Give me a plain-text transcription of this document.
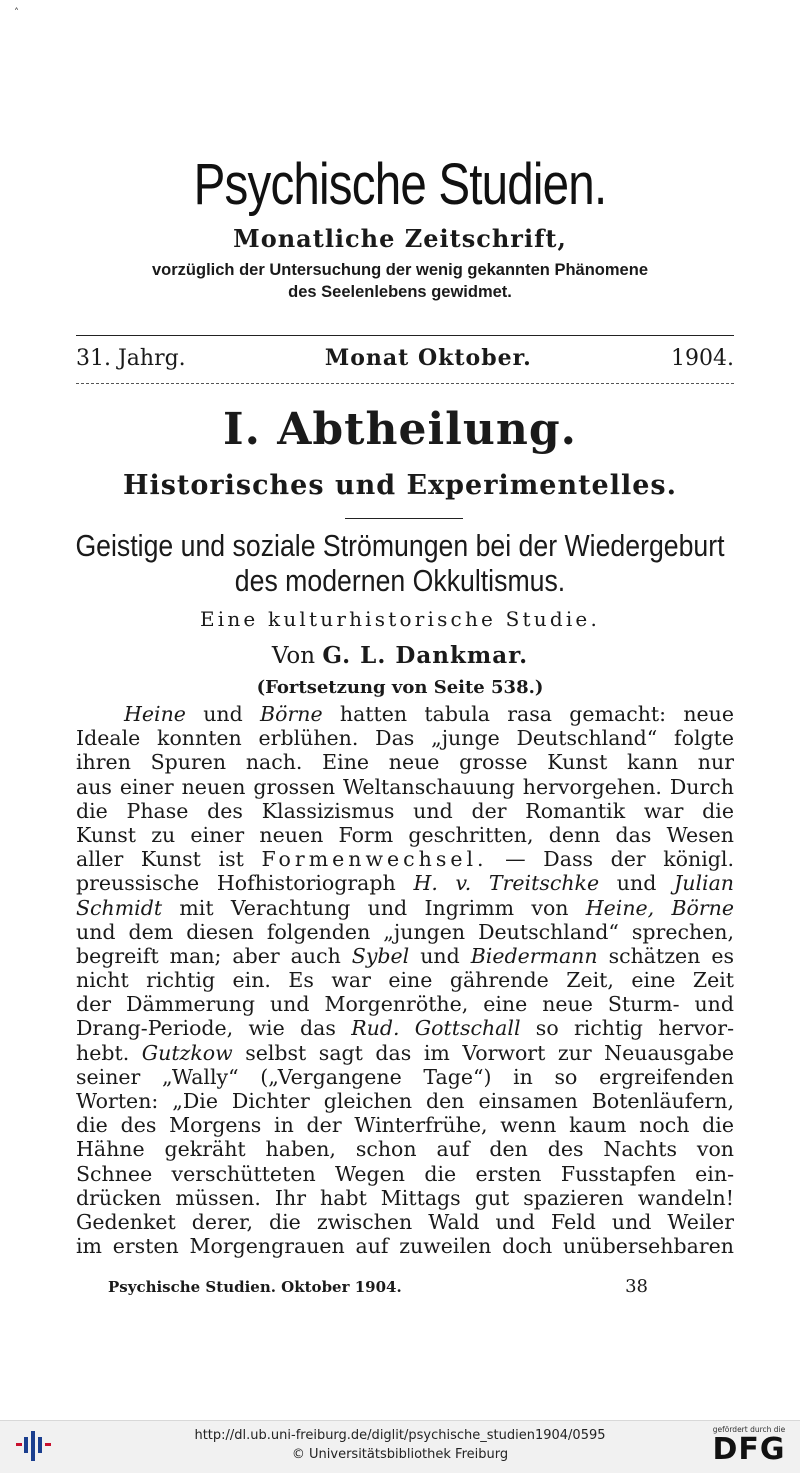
˄
Psychische Studien.
Monatliche Zeitschrift,
vorzüglich der Untersuchung der wenig gekannten Phänomene
des Seelenlebens gewidmet.
31. Jahrg.	Monat Oktober.	1904.
I. Abtheilung.
Historisches und Experimentelles.
Geistige und soziale Strömungen bei der Wiedergeburt
des modernen Okkultismus.
Eine kulturhistorische Studie.
Von G. L. Dankmar.
(Fortsetzung von Seite 538.)
Heine und Börne hatten tabula rasa gemacht: neue
Ideale konnten erblühen. Das „junge Deutschland“ folgte
ihren Spuren nach. Eine neue grosse Kunst kann nur
aus einer neuen grossen Weltanschauung hervorgehen. Durch
die Phase des Klassizismus und der Romantik war die
Kunst zu einer neuen Form geschritten, denn das Wesen
aller Kunst ist Formenwechsel. — Dass der königl.
preussische Hofhistoriograph H. v. Treitschke und Julian
Schmidt mit Verachtung und Ingrimm von Heine, Börne
und dem diesen folgenden „jungen Deutschland“ sprechen,
begreift man; aber auch Sybel und Biedermann schätzen es
nicht richtig ein. Es war eine gährende Zeit, eine Zeit
der Dämmerung und Morgenröthe, eine neue Sturm- und
Drang-Periode, wie das Rud. Gottschall so richtig hervor-
hebt. Gutzkow selbst sagt das im Vorwort zur Neuausgabe
seiner „Wally“ („Vergangene Tage“) in so ergreifenden
Worten: „Die Dichter gleichen den einsamen Botenläufern,
die des Morgens in der Winterfrühe, wenn kaum noch die
Hähne gekräht haben, schon auf den des Nachts von
Schnee verschütteten Wegen die ersten Fusstapfen ein-
drücken müssen. Ihr habt Mittags gut spazieren wandeln!
Gedenket derer, die zwischen Wald und Feld und Weiler
im ersten Morgengrauen auf zuweilen doch unübersehbaren
Psychische Studien. Oktober 1904.	38
http://dl.ub.uni-freiburg.de/diglit/psychische_studien1904/0595
© Universitätsbibliothek Freiburg
gefördert durch die
DFG
